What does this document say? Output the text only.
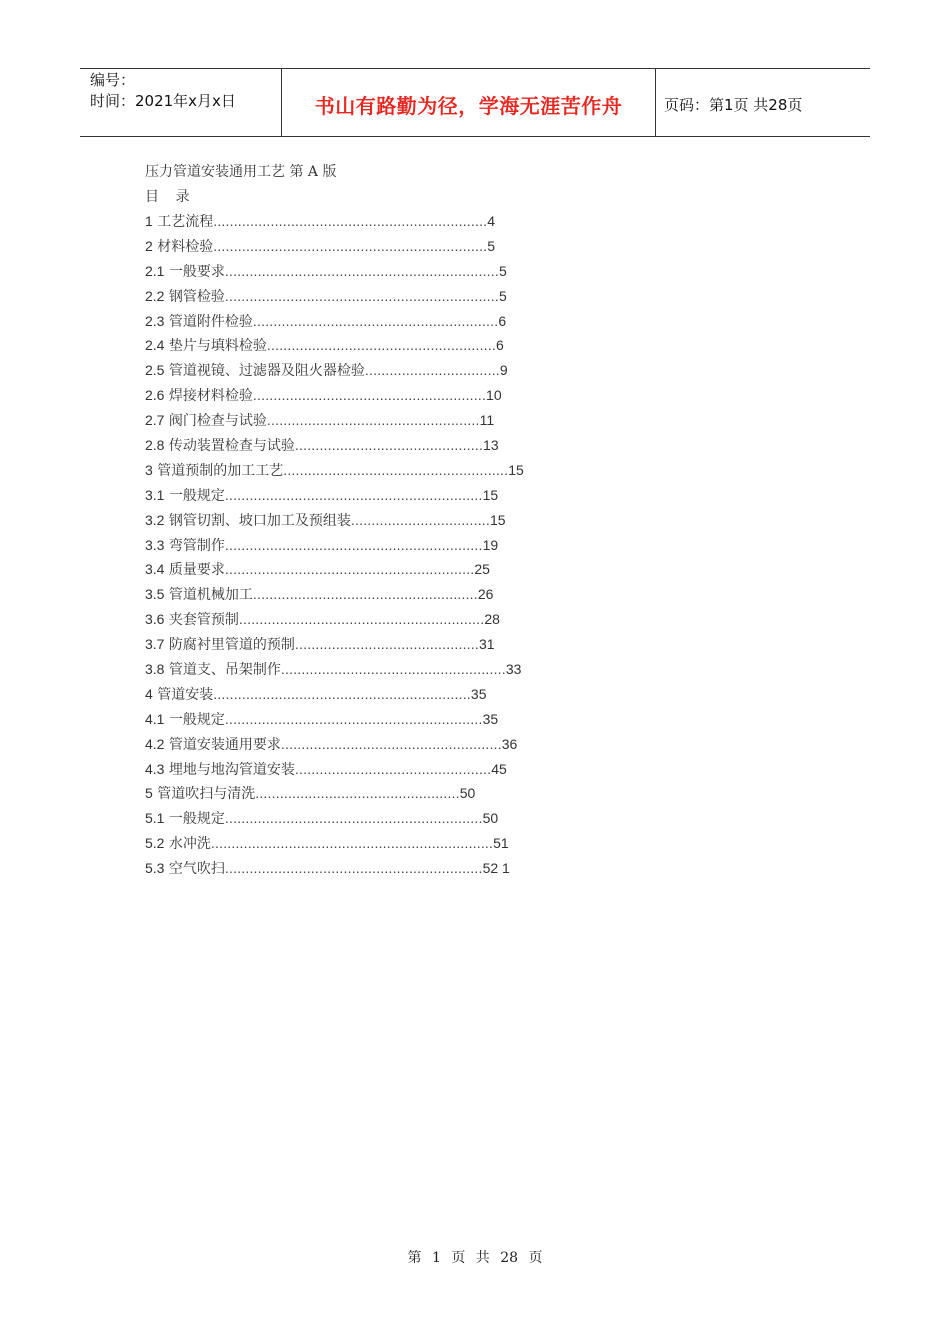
编号：
时间：2021年x月x日	书山有路勤为径，学海无涯苦作舟	页码：第1页 共28页
压力管道安装通用工艺 第 A 版
目 录
1 工艺流程...................................................................4
2 材料检验...................................................................5
2.1 一般要求...................................................................5
2.2 钢管检验...................................................................5
2.3 管道附件检验............................................................6
2.4 垫片与填料检验........................................................6
2.5 管道视镜、过滤器及阻火器检验.................................9
2.6 焊接材料检验.........................................................10
2.7 阀门检查与试验....................................................11
2.8 传动装置检查与试验..............................................13
3 管道预制的加工工艺.......................................................15
3.1 一般规定...............................................................15
3.2 钢管切割、坡口加工及预组装..................................15
3.3 弯管制作...............................................................19
3.4 质量要求.............................................................25
3.5 管道机械加工.......................................................26
3.6 夹套管预制............................................................28
3.7 防腐衬里管道的预制.............................................31
3.8 管道支、吊架制作.......................................................33
4 管道安装...............................................................35
4.1 一般规定...............................................................35
4.2 管道安装通用要求......................................................36
4.3 埋地与地沟管道安装................................................45
5 管道吹扫与清洗..................................................50
5.1 一般规定...............................................................50
5.2 水冲洗.....................................................................51
5.3 空气吹扫...............................................................52 1
第 1 页 共 28 页
